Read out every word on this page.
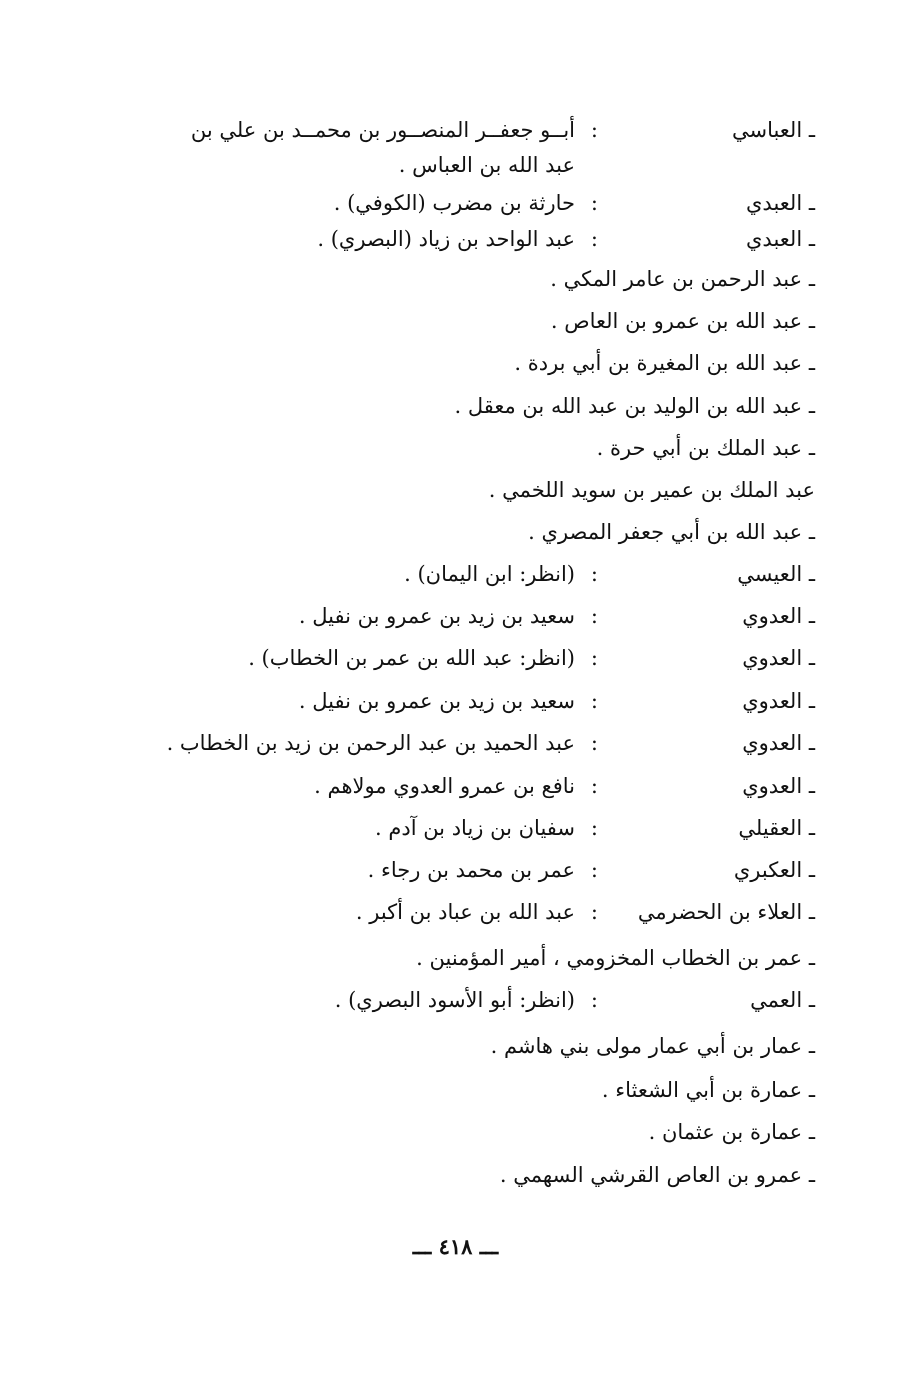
ـ العباسي
:
أبــو جعفــر المنصــور بن محمــد بن علي بن
عبد الله بن العباس .
ـ العبدي
:
حارثة بن مضرب (الكوفي) .
ـ العبدي
:
عبد الواحد بن زياد (البصري) .
ـ عبد الرحمن بن عامر المكي .
ـ عبد الله بن عمرو بن العاص .
ـ عبد الله بن المغيرة بن أبي بردة .
ـ عبد الله بن الوليد بن عبد الله بن معقل .
ـ عبد الملك بن أبي حرة .
عبد الملك بن عمير بن سويد اللخمي .
ـ عبد الله بن أبي جعفر المصري .
ـ العيسي
:
(انظر: ابن اليمان) .
ـ العدوي
:
سعيد بن زيد بن عمرو بن نفيل .
ـ العدوي
:
(انظر: عبد الله بن عمر بن الخطاب) .
ـ العدوي
:
سعيد بن زيد بن عمرو بن نفيل .
ـ العدوي
:
عبد الحميد بن عبد الرحمن بن زيد بن الخطاب .
ـ العدوي
:
نافع بن عمرو العدوي مولاهم .
ـ العقيلي
:
سفيان بن زياد بن آدم .
ـ العكبري
:
عمر بن محمد بن رجاء .
ـ العلاء بن الحضرمي
:
عبد الله بن عباد بن أكبر .
ـ عمر بن الخطاب المخزومي ، أمير المؤمنين .
ـ العمي
:
(انظر: أبو الأسود البصري) .
ـ عمار بن أبي عمار مولى بني هاشم .
ـ عمارة بن أبي الشعثاء .
ـ عمارة بن عثمان .
ـ عمرو بن العاص القرشي السهمي .
ـــ ٤١٨ ـــ
